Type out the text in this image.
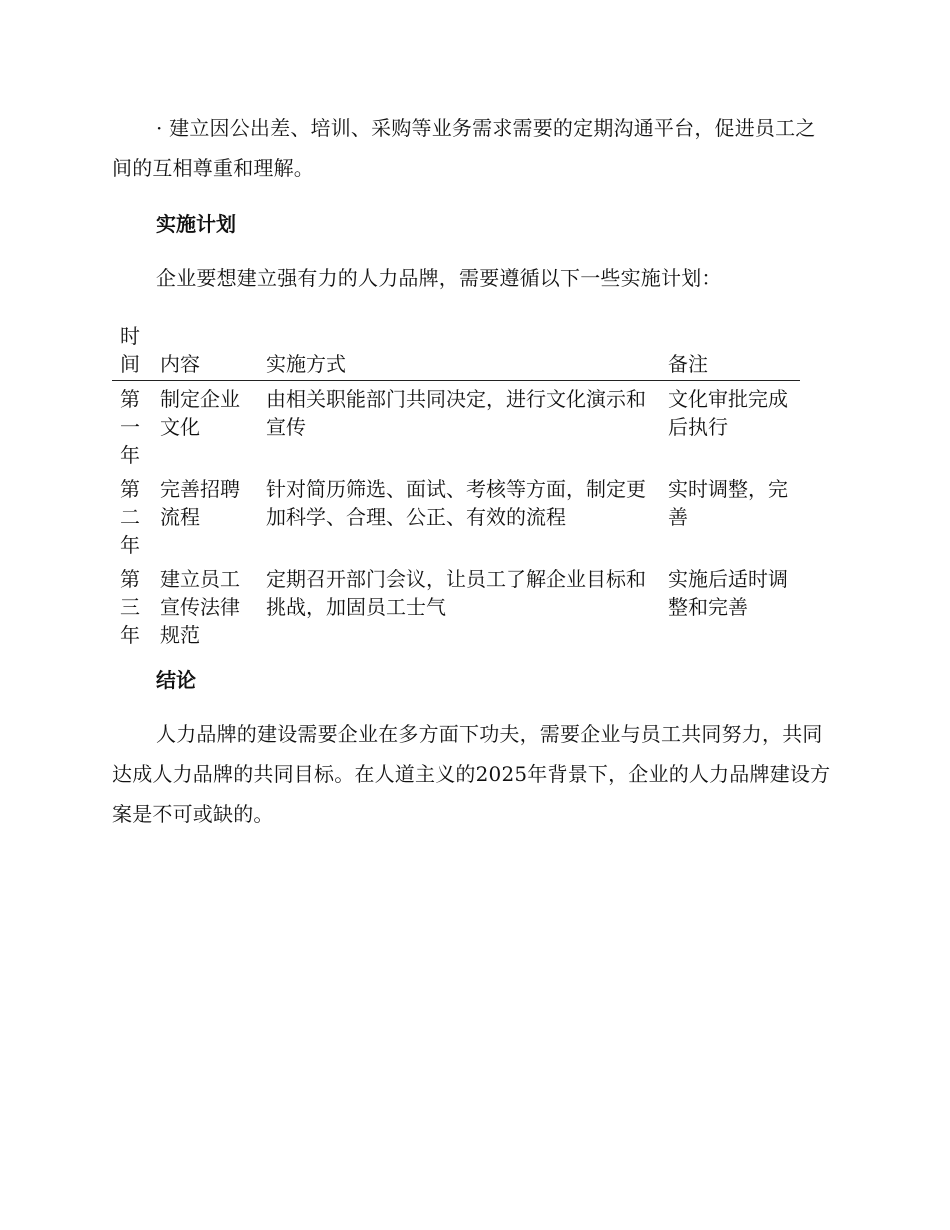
· 建立因公出差、培训、采购等业务需求需要的定期沟通平台，促进员工之间的互相尊重和理解。

实施计划

企业要想建立强有力的人力品牌，需要遵循以下一些实施计划：

时间	内容	实施方式	备注

第一年	制定企业文化	由相关职能部门共同决定，进行文化演示和宣传	文化审批完成后执行

第二年	完善招聘流程	针对简历筛选、面试、考核等方面，制定更加科学、合理、公正、有效的流程	实时调整，完善

第三年	建立员工宣传法律规范	定期召开部门会议，让员工了解企业目标和挑战，加固员工士气	实施后适时调整和完善
结论

人力品牌的建设需要企业在多方面下功夫，需要企业与员工共同努力，共同达成人力品牌的共同目标。在人道主义的2025年背景下，企业的人力品牌建设方案是不可或缺的。
